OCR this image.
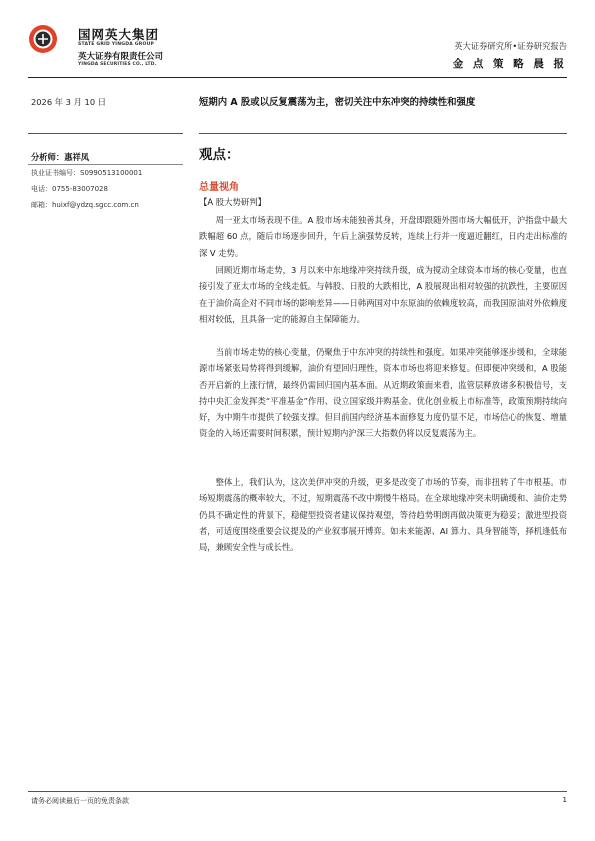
国网英大集团
STATE GRID YINGDA GROUP
英大证券有限责任公司
YINGDA SECURITIES CO., LTD.
英大证券研究所•证券研究报告
金 点 策 略 晨 报
2026 年 3 月 10 日	短期内 A 股或以反复震荡为主，密切关注中东冲突的持续性和强度
分析师：惠祥凤
执业证书编号：S0990513100001
电话：0755-83007028
邮箱：huixf@ydzq.sgcc.com.cn
观点：
总量视角
【A 股大势研判】

周一亚太市场表现不佳。A 股市场未能独善其身，开盘即跟随外围市场大幅低开，沪指盘中最大跌幅超 60 点，随后市场逐步回升，午后上演强势反转，连续上行并一度逼近翻红，日内走出标准的深 V 走势。

回顾近期市场走势，3 月以来中东地缘冲突持续升级，成为搅动全球资本市场的核心变量，也直接引发了亚太市场的全线走低。与韩股、日股的大跌相比，A 股展现出相对较强的抗跌性，主要原因在于油价高企对不同市场的影响差异——日韩两国对中东原油的依赖度较高，而我国原油对外依赖度相对较低，且具备一定的能源自主保障能力。

当前市场走势的核心变量，仍聚焦于中东冲突的持续性和强度。如果冲突能够逐步缓和，全球能源市场紧张局势将得到缓解，油价有望回归理性，资本市场也将迎来修复。但即便冲突缓和，A 股能否开启新的上涨行情，最终仍需回归国内基本面。从近期政策面来看，监管层释放诸多积极信号，支持中央汇金发挥类“平准基金”作用、设立国家级并购基金、优化创业板上市标准等，政策预期持续向好，为中期牛市提供了较强支撑。但目前国内经济基本面修复力度仍显不足，市场信心的恢复、增量资金的入场还需要时间积累，预计短期内沪深三大指数仍将以反复震荡为主。

整体上，我们认为，这次美伊冲突的升级，更多是改变了市场的节奏，而非扭转了牛市根基。市场短期震荡的概率较大，不过，短期震荡不改中期慢牛格局。在全球地缘冲突未明确缓和、油价走势仍具不确定性的背景下，稳健型投资者建议保持观望，等待趋势明朗再做决策更为稳妥；激进型投资者，可适度围绕重要会议提及的产业叙事展开博弈。如未来能源、AI 算力、具身智能等，择机逢低布局，兼顾安全性与成长性。

请务必阅读最后一页的免责条款	1
